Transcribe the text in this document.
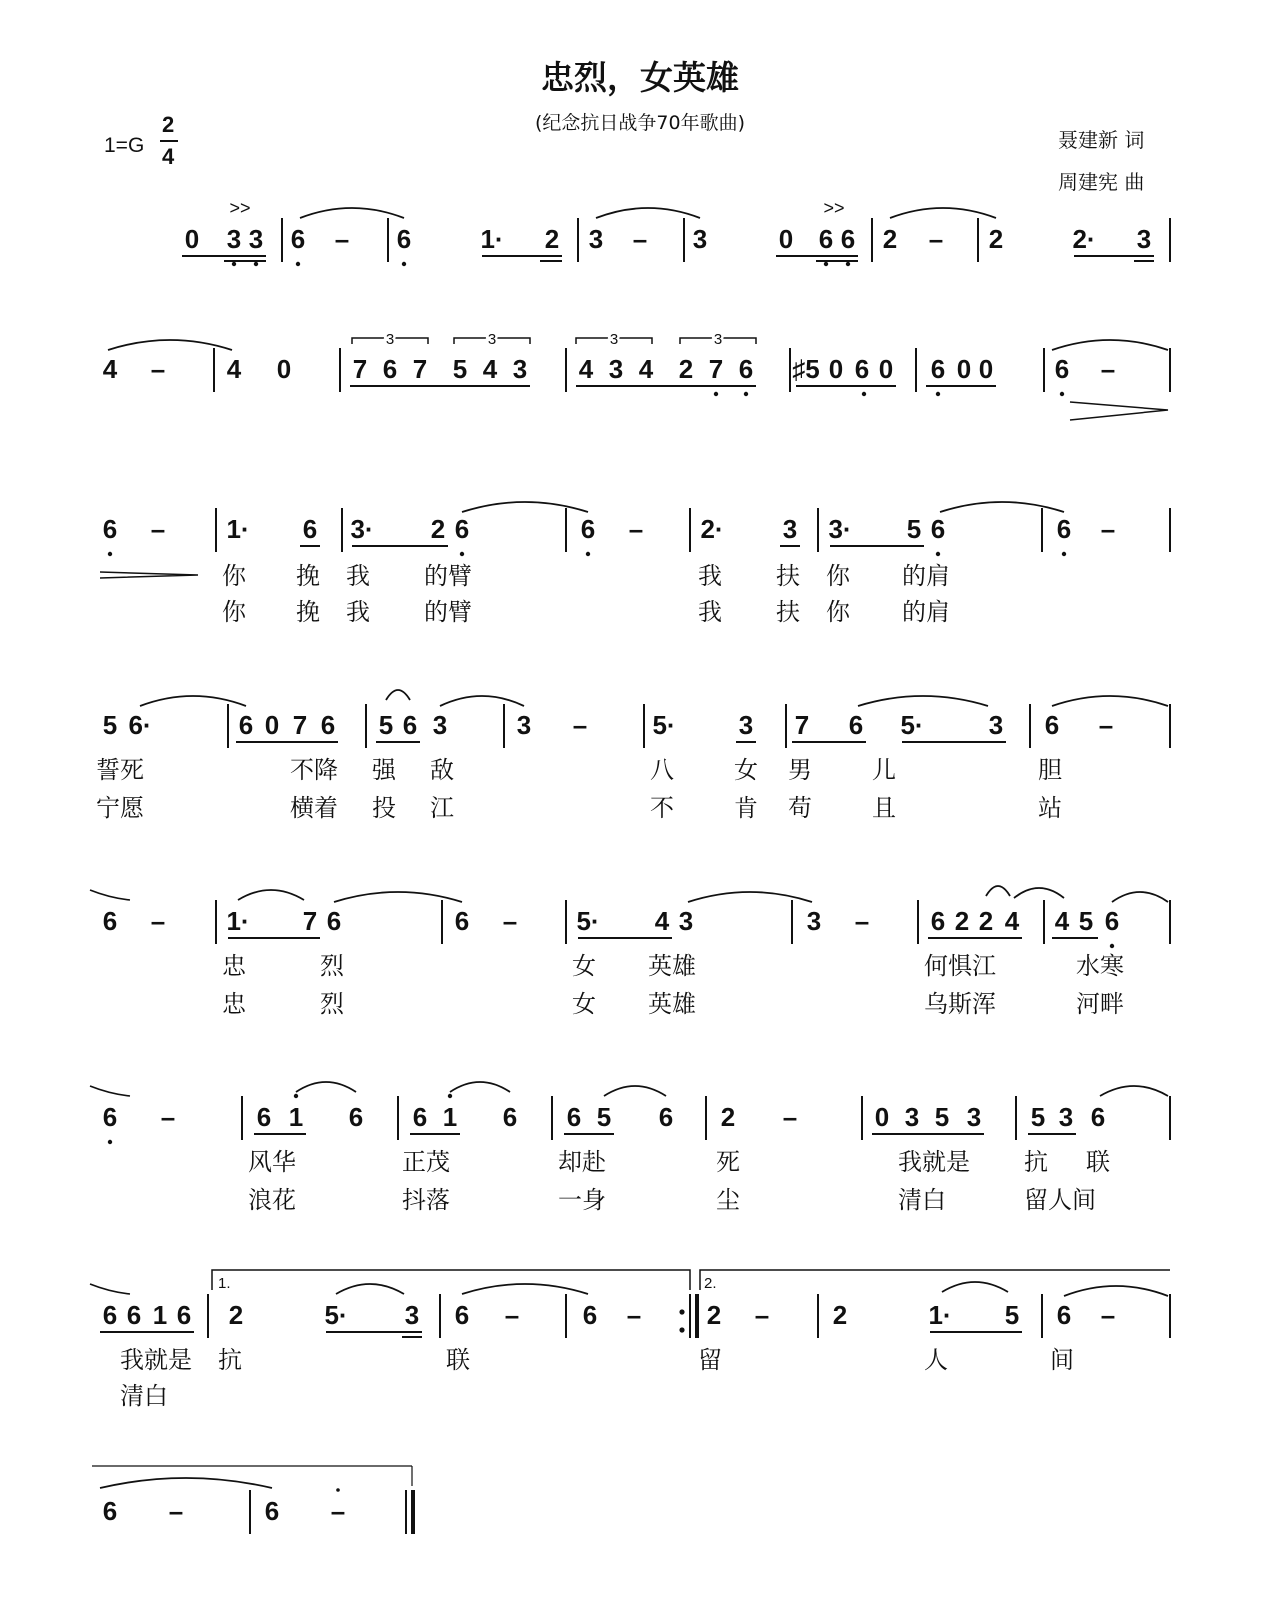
忠烈，女英雄
(纪念抗日战争70年歌曲)
1=G
2
4
聂建新 词
周建宪 曲
0 3 3 6 – 6	1· 2 3 – 3	0 6 6 2 – 2	2· 3
>>	>>
4 – 4 0 7 6 7 5 4 3 4 3 4 2 7 6 ♯5 0 6 0 6 0 0 6 –
3	3	3	3
6 – 1· 6 3· 2 6	6 – 2· 3 3· 5 6	6 –
你 挽 我 的臂	我 扶 你 的肩
你 挽 我 的臂	我 扶 你 的肩
5 6·	6 0 7 6 5 6 3	3 –	5· 3 7 6 5·	3 6 –
誓死	不降 强 敌	八	女 男	儿	胆
宁愿	横着 投 江	不	肯 苟	且	站
6 – 1· 7 6	6 – 5· 4 3	3 – 6 2 2 4 4 5 6
忠	烈	女 英雄	何惧江	水寒
忠	烈	女 英雄	乌斯浑	河畔
6 –	6 1 6 6 1 6 6 5 6 2 –	0 3 5 3 5 3 6
风华	正茂	却赴	死	我就是 抗 联
浪花	抖落	一身	尘	清白	留人间
6 6 1 6 2	5· 3 6 – 6 –	2 – 2	1· 5 6 –
1.	2.
我就是 抗	联	留	人	间
清白
6 –	6 –
